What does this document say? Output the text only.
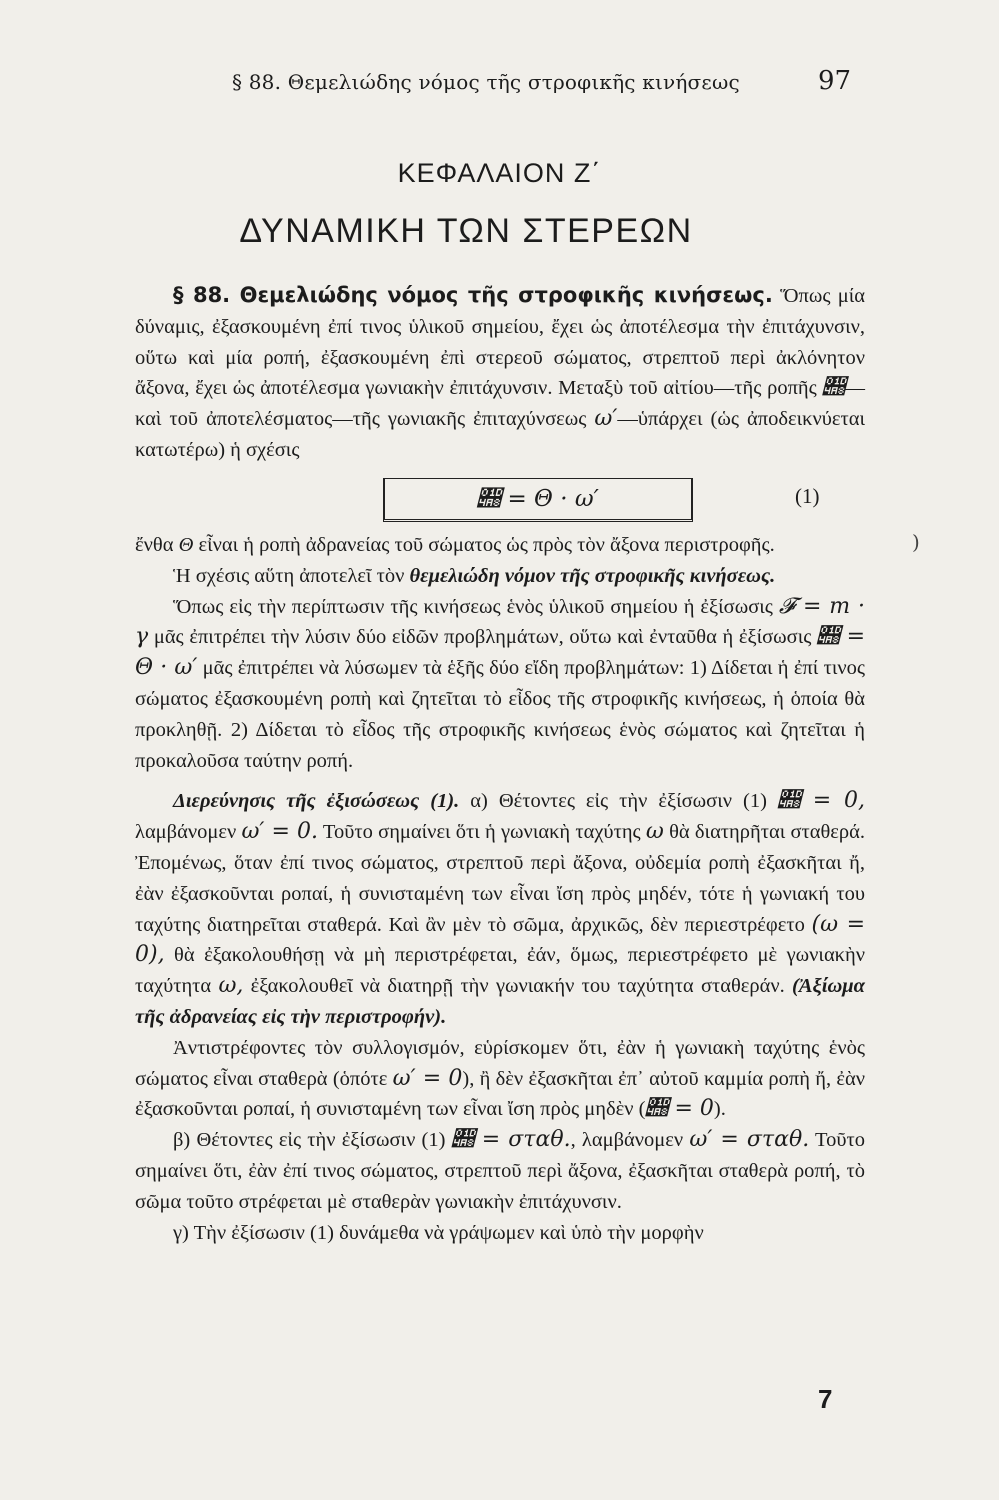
§ 88. Θεμελιώδης νόμος τῆς στροφικῆς κινήσεως	97
ΚΕΦΑΛΑΙΟΝ Ζ΄
ΔΥΝΑΜΙΚΗ ΤΩΝ ΣΤΕΡΕΩΝ

§ 88. Θεμελιώδης νόμος τῆς στροφικῆς κινήσεως. Ὅπως μία δύναμις, ἐξασκουμένη ἐπί τινος ὑλικοῦ σημείου, ἔχει ὡς ἀποτέλεσμα τὴν ἐπιτάχυνσιν, οὕτω καὶ μία ροπή, ἐξασκουμένη ἐπὶ στερεοῦ σώματος, στρεπτοῦ περὶ ἀκλόνητον ἄξονα, ἔχει ὡς ἀποτέλεσμα γωνιακὴν ἐπιτάχυνσιν. Μεταξὺ τοῦ αἰτίου—τῆς ροπῆς 𝒨—καὶ τοῦ ἀποτελέσματος—τῆς γωνιακῆς ἐπιταχύνσεως ω′—ὑπάρχει (ὡς ἀποδεικνύεται κατωτέρω) ἡ σχέσις

𝒨 = Θ · ω′	(1)
)

ἔνθα Θ εἶναι ἡ ροπὴ ἀδρανείας τοῦ σώματος ὡς πρὸς τὸν ἄξονα περιστροφῆς.

Ἡ σχέσις αὕτη ἀποτελεῖ τὸν θεμελιώδη νόμον τῆς στροφικῆς κινήσεως.

Ὅπως εἰς τὴν περίπτωσιν τῆς κινήσεως ἑνὸς ὑλικοῦ σημείου ἡ ἐξίσωσις 𝓕 = m · γ μᾶς ἐπιτρέπει τὴν λύσιν δύο εἰδῶν προβλημάτων, οὕτω καὶ ἐνταῦθα ἡ ἐξίσωσις 𝒨 = Θ · ω′ μᾶς ἐπιτρέπει νὰ λύσωμεν τὰ ἑξῆς δύο εἴδη προβλημάτων: 1) Δίδεται ἡ ἐπί τινος σώματος ἐξασκουμένη ροπὴ καὶ ζητεῖται τὸ εἶδος τῆς στροφικῆς κινήσεως, ἡ ὁποία θὰ προκληθῇ. 2) Δίδεται τὸ εἶδος τῆς στροφικῆς κινήσεως ἑνὸς σώματος καὶ ζητεῖται ἡ προκαλοῦσα ταύτην ροπή.

Διερεύνησις τῆς ἐξισώσεως (1). α) Θέτοντες εἰς τὴν ἐξίσωσιν (1) 𝒨 = 0, λαμβάνομεν ω′ = 0. Τοῦτο σημαίνει ὅτι ἡ γωνιακὴ ταχύτης ω θὰ διατηρῆται σταθερά. Ἐπομένως, ὅταν ἐπί τινος σώματος, στρεπτοῦ περὶ ἄξονα, οὐδεμία ροπὴ ἐξασκῆται ἤ, ἐὰν ἐξασκοῦνται ροπαί, ἡ συνισταμένη των εἶναι ἴση πρὸς μηδέν, τότε ἡ γωνιακή του ταχύτης διατηρεῖται σταθερά. Καὶ ἂν μὲν τὸ σῶμα, ἀρχικῶς, δὲν περιεστρέφετο (ω = 0), θὰ ἐξακολουθήσῃ νὰ μὴ περιστρέφεται, ἐάν, ὅμως, περιεστρέφετο μὲ γωνιακὴν ταχύτητα ω, ἐξακολουθεῖ νὰ διατηρῇ τὴν γωνιακήν του ταχύτητα σταθεράν. (Ἀξίωμα τῆς ἀδρανείας εἰς τὴν περιστροφήν).

Ἀντιστρέφοντες τὸν συλλογισμόν, εὑρίσκομεν ὅτι, ἐὰν ἡ γωνιακὴ ταχύτης ἑνὸς σώματος εἶναι σταθερὰ (ὁπότε ω′ = 0), ἢ δὲν ἐξασκῆται ἐπ᾿ αὐτοῦ καμμία ροπὴ ἤ, ἐὰν ἐξασκοῦνται ροπαί, ἡ συνισταμένη των εἶναι ἴση πρὸς μηδὲν (𝒨 = 0).

β) Θέτοντες εἰς τὴν ἐξίσωσιν (1) 𝒨 = σταθ., λαμβάνομεν ω′ = σταθ. Τοῦτο σημαίνει ὅτι, ἐὰν ἐπί τινος σώματος, στρεπτοῦ περὶ ἄξονα, ἐξασκῆται σταθερὰ ροπή, τὸ σῶμα τοῦτο στρέφεται μὲ σταθερὰν γωνιακὴν ἐπιτάχυνσιν.

γ) Τὴν ἐξίσωσιν (1) δυνάμεθα νὰ γράψωμεν καὶ ὑπὸ τὴν μορφὴν

7
